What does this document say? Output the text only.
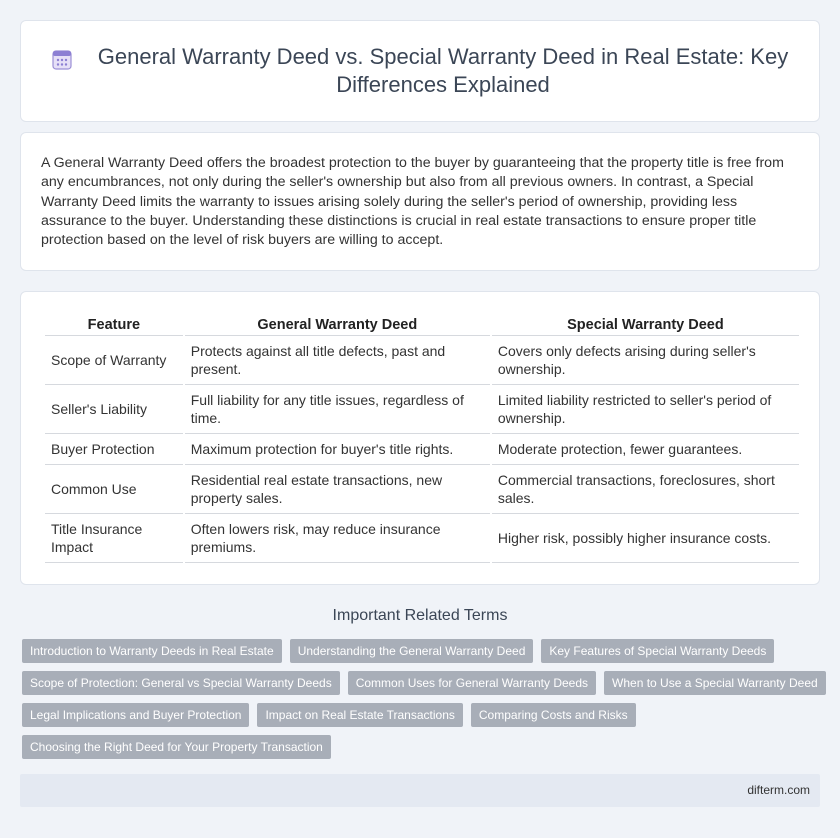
General Warranty Deed vs. Special Warranty Deed in Real Estate: Key Differences Explained

A General Warranty Deed offers the broadest protection to the buyer by guaranteeing that the property title is free from any encumbrances, not only during the seller's ownership but also from all previous owners. In contrast, a Special Warranty Deed limits the warranty to issues arising solely during the seller's period of ownership, providing less assurance to the buyer. Understanding these distinctions is crucial in real estate transactions to ensure proper title protection based on the level of risk buyers are willing to accept.

Feature	General Warranty Deed	Special Warranty Deed
Scope of Warranty	Protects against all title defects, past and present.	Covers only defects arising during seller's ownership.
Seller's Liability	Full liability for any title issues, regardless of time.	Limited liability restricted to seller's period of ownership.
Buyer Protection	Maximum protection for buyer's title rights.	Moderate protection, fewer guarantees.
Common Use	Residential real estate transactions, new property sales.	Commercial transactions, foreclosures, short sales.
Title Insurance Impact	Often lowers risk, may reduce insurance premiums.	Higher risk, possibly higher insurance costs.
Important Related Terms
Introduction to Warranty Deeds in Real Estate	Understanding the General Warranty Deed	Key Features of Special Warranty Deeds
Scope of Protection: General vs Special Warranty Deeds	Common Uses for General Warranty Deeds	When to Use a Special Warranty Deed
Legal Implications and Buyer Protection	Impact on Real Estate Transactions	Comparing Costs and Risks
Choosing the Right Deed for Your Property Transaction
difterm.com
